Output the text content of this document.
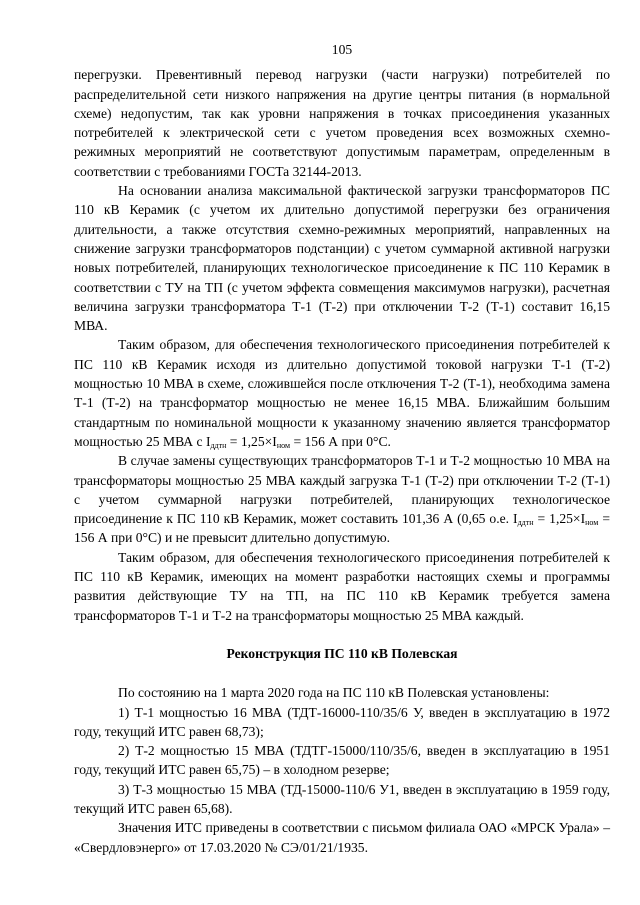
105

перегрузки. Превентивный перевод нагрузки (части нагрузки) потребителей по распределительной сети низкого напряжения на другие центры питания (в нормальной схеме) недопустим, так как уровни напряжения в точках присоединения указанных потребителей к электрической сети с учетом проведения всех возможных схемно-режимных мероприятий не соответствуют допустимым параметрам, определенным в соответствии с требованиями ГОСТа 32144-2013.

На основании анализа максимальной фактической загрузки трансформаторов ПС 110 кВ Керамик (с учетом их длительно допустимой перегрузки без ограничения длительности, а также отсутствия схемно-режимных мероприятий, направленных на снижение загрузки трансформаторов подстанции) с учетом суммарной активной нагрузки новых потребителей, планирующих технологическое присоединение к ПС 110 Керамик в соответствии с ТУ на ТП (с учетом эффекта совмещения максимумов нагрузки), расчетная величина загрузки трансформатора Т-1 (Т-2) при отключении Т-2 (Т-1) составит 16,15 МВА.

Таким образом, для обеспечения технологического присоединения потребителей к ПС 110 кВ Керамик исходя из длительно допустимой токовой нагрузки Т-1 (Т-2) мощностью 10 МВА в схеме, сложившейся после отключения Т-2 (Т-1), необходима замена Т-1 (Т-2) на трансформатор мощностью не менее 16,15 МВА. Ближайшим большим стандартным по номинальной мощности к указанному значению является трансформатор мощностью 25 МВА с $I_{ддтн} = 1,25\times I_{ном} = 156$ А при 0°С.

В случае замены существующих трансформаторов Т-1 и Т-2 мощностью 10 МВА на трансформаторы мощностью 25 МВА каждый загрузка Т-1 (Т-2) при отключении Т-2 (Т-1) с учетом суммарной нагрузки потребителей, планирующих технологическое присоединение к ПС 110 кВ Керамик, может составить 101,36 А (0,65 о.е. $I_{ддтн} = 1,25\times I_{ном} = 156$ А при 0°С) и не превысит длительно допустимую.

Таким образом, для обеспечения технологического присоединения потребителей к ПС 110 кВ Керамик, имеющих на момент разработки настоящих схемы и программы развития действующие ТУ на ТП, на ПС 110 кВ Керамик требуется замена трансформаторов Т-1 и Т-2 на трансформаторы мощностью 25 МВА каждый.

Реконструкция ПС 110 кВ Полевская

По состоянию на 1 марта 2020 года на ПС 110 кВ Полевская установлены:

1) Т-1 мощностью 16 МВА (ТДТ-16000-110/35/6 У, введен в эксплуатацию в 1972 году, текущий ИТС равен 68,73);

2) Т-2 мощностью 15 МВА (ТДТГ-15000/110/35/6, введен в эксплуатацию в 1951 году, текущий ИТС равен 65,75) – в холодном резерве;

3) Т-3 мощностью 15 МВА (ТД-15000-110/6 У1, введен в эксплуатацию в 1959 году, текущий ИТС равен 65,68).

Значения ИТС приведены в соответствии с письмом филиала ОАО «МРСК Урала» – «Свердловэнерго» от 17.03.2020 № СЭ/01/21/1935.
